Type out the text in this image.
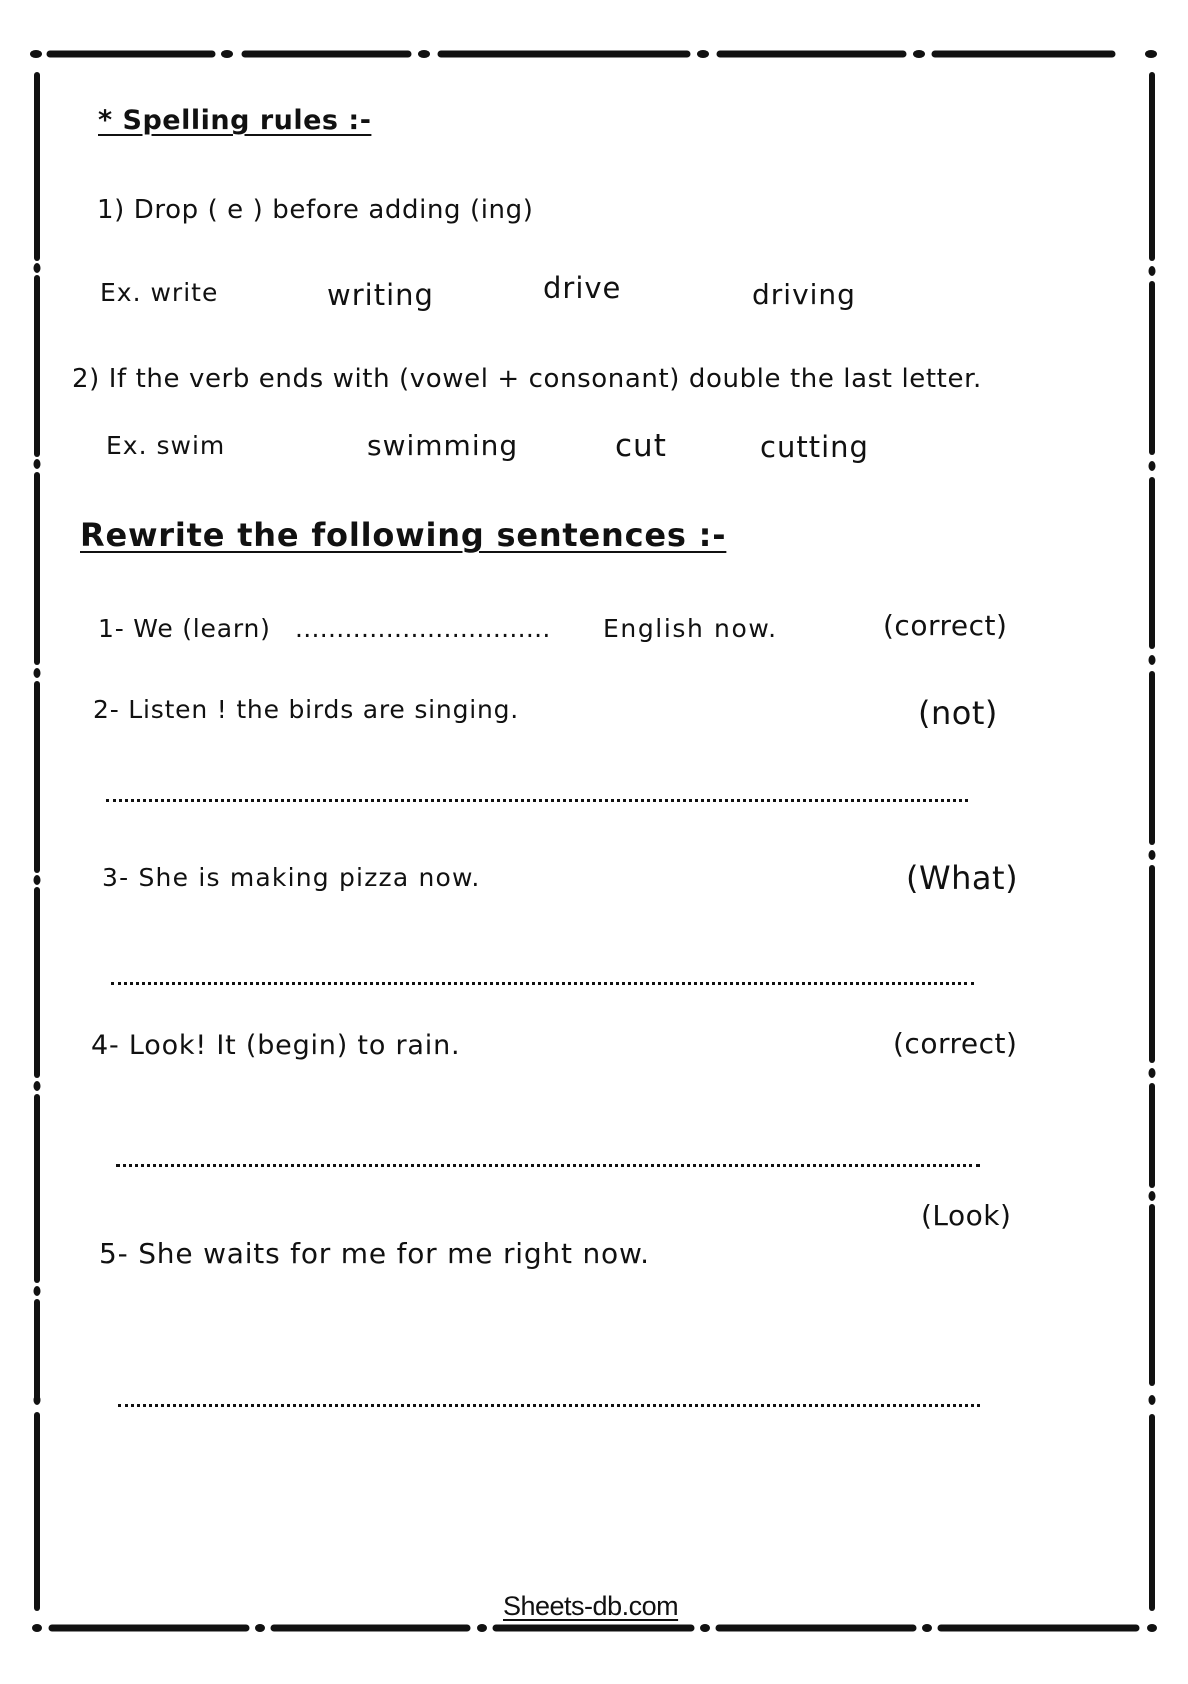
* Spelling rules :-
1) Drop ( e ) before adding (ing)
Ex. write	writing	drive	driving
2) If the verb ends with (vowel + consonant) double the last letter.
Ex. swim	swimming	cut	cutting
Rewrite the following sentences :-
1- We (learn) ............................... English now.	(correct)
2- Listen ! the birds are singing.	(not)
3- She is making pizza now.	(What)
4- Look! It (begin) to rain.	(correct)
(Look)
5- She waits for me for me right now.
Sheets-db.com
